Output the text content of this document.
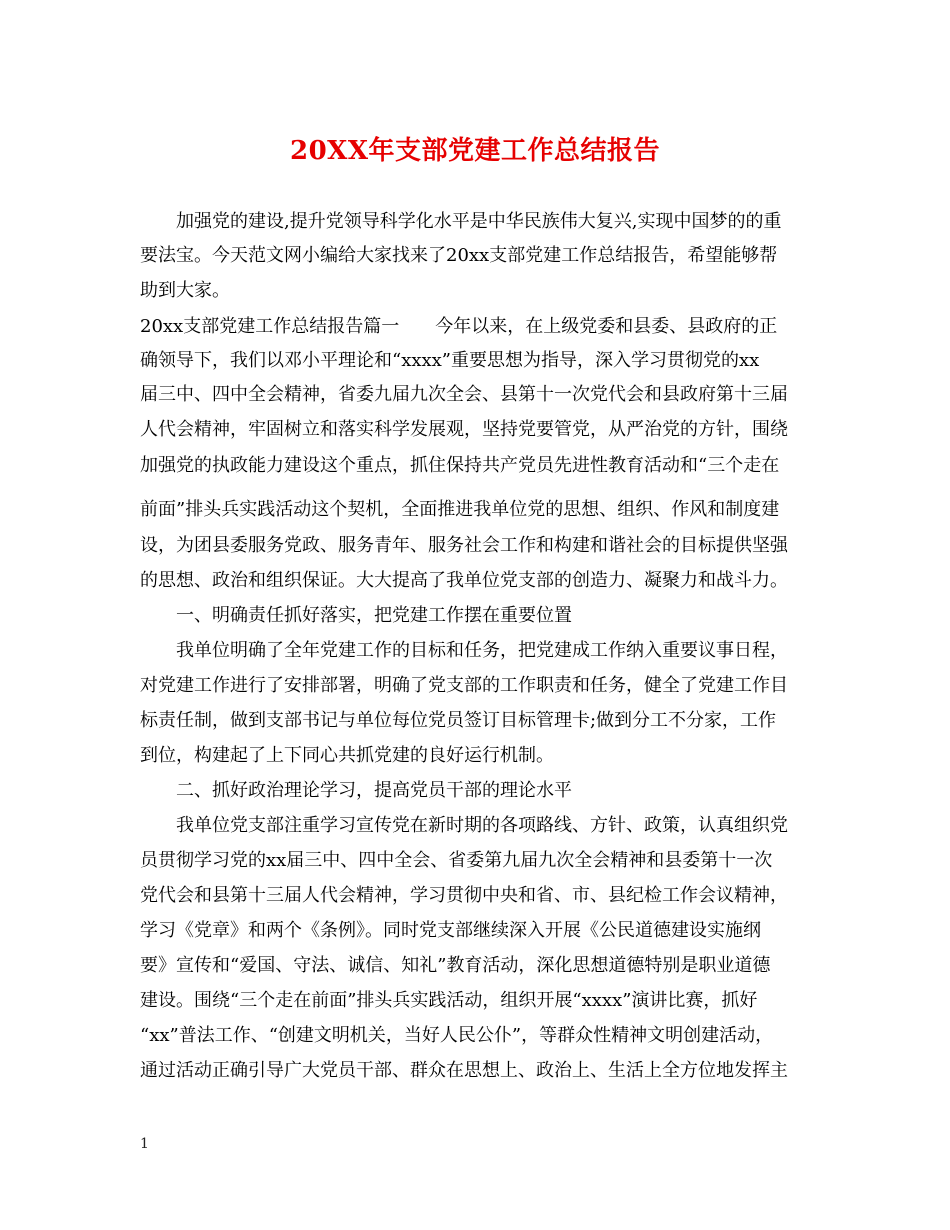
20XX年支部党建工作总结报告
　　加强党的建设,提升党领导科学化水平是中华民族伟大复兴,实现中国梦的的重
要法宝。今天范文网小编给大家找来了20xx支部党建工作总结报告，希望能够帮
助到大家。
20xx支部党建工作总结报告篇一　　今年以来，在上级党委和县委、县政府的正
确领导下，我们以邓小平理论和“xxxx”重要思想为指导，深入学习贯彻党的xx
届三中、四中全会精神，省委九届九次全会、县第十一次党代会和县政府第十三届
人代会精神，牢固树立和落实科学发展观，坚持党要管党，从严治党的方针，围绕
加强党的执政能力建设这个重点，抓住保持共产党员先进性教育活动和“三个走在
前面”排头兵实践活动这个契机，全面推进我单位党的思想、组织、作风和制度建
设，为团县委服务党政、服务青年、服务社会工作和构建和谐社会的目标提供坚强
的思想、政治和组织保证。大大提高了我单位党支部的创造力、凝聚力和战斗力。
　　一、明确责任抓好落实，把党建工作摆在重要位置
　　我单位明确了全年党建工作的目标和任务，把党建成工作纳入重要议事日程，
对党建工作进行了安排部署，明确了党支部的工作职责和任务，健全了党建工作目
标责任制，做到支部书记与单位每位党员签订目标管理卡;做到分工不分家，工作
到位，构建起了上下同心共抓党建的良好运行机制。
　　二、抓好政治理论学习，提高党员干部的理论水平
　　我单位党支部注重学习宣传党在新时期的各项路线、方针、政策，认真组织党
员贯彻学习党的xx届三中、四中全会、省委第九届九次全会精神和县委第十一次
党代会和县第十三届人代会精神，学习贯彻中央和省、市、县纪检工作会议精神，
学习《党章》和两个《条例》。同时党支部继续深入开展《公民道德建设实施纲
要》宣传和“爱国、守法、诚信、知礼”教育活动，深化思想道德特别是职业道德
建设。围绕“三个走在前面”排头兵实践活动，组织开展“xxxx”演讲比赛，抓好
“xx”普法工作、“创建文明机关，当好人民公仆”，等群众性精神文明创建活动，
通过活动正确引导广大党员干部、群众在思想上、政治上、生活上全方位地发挥主
1
